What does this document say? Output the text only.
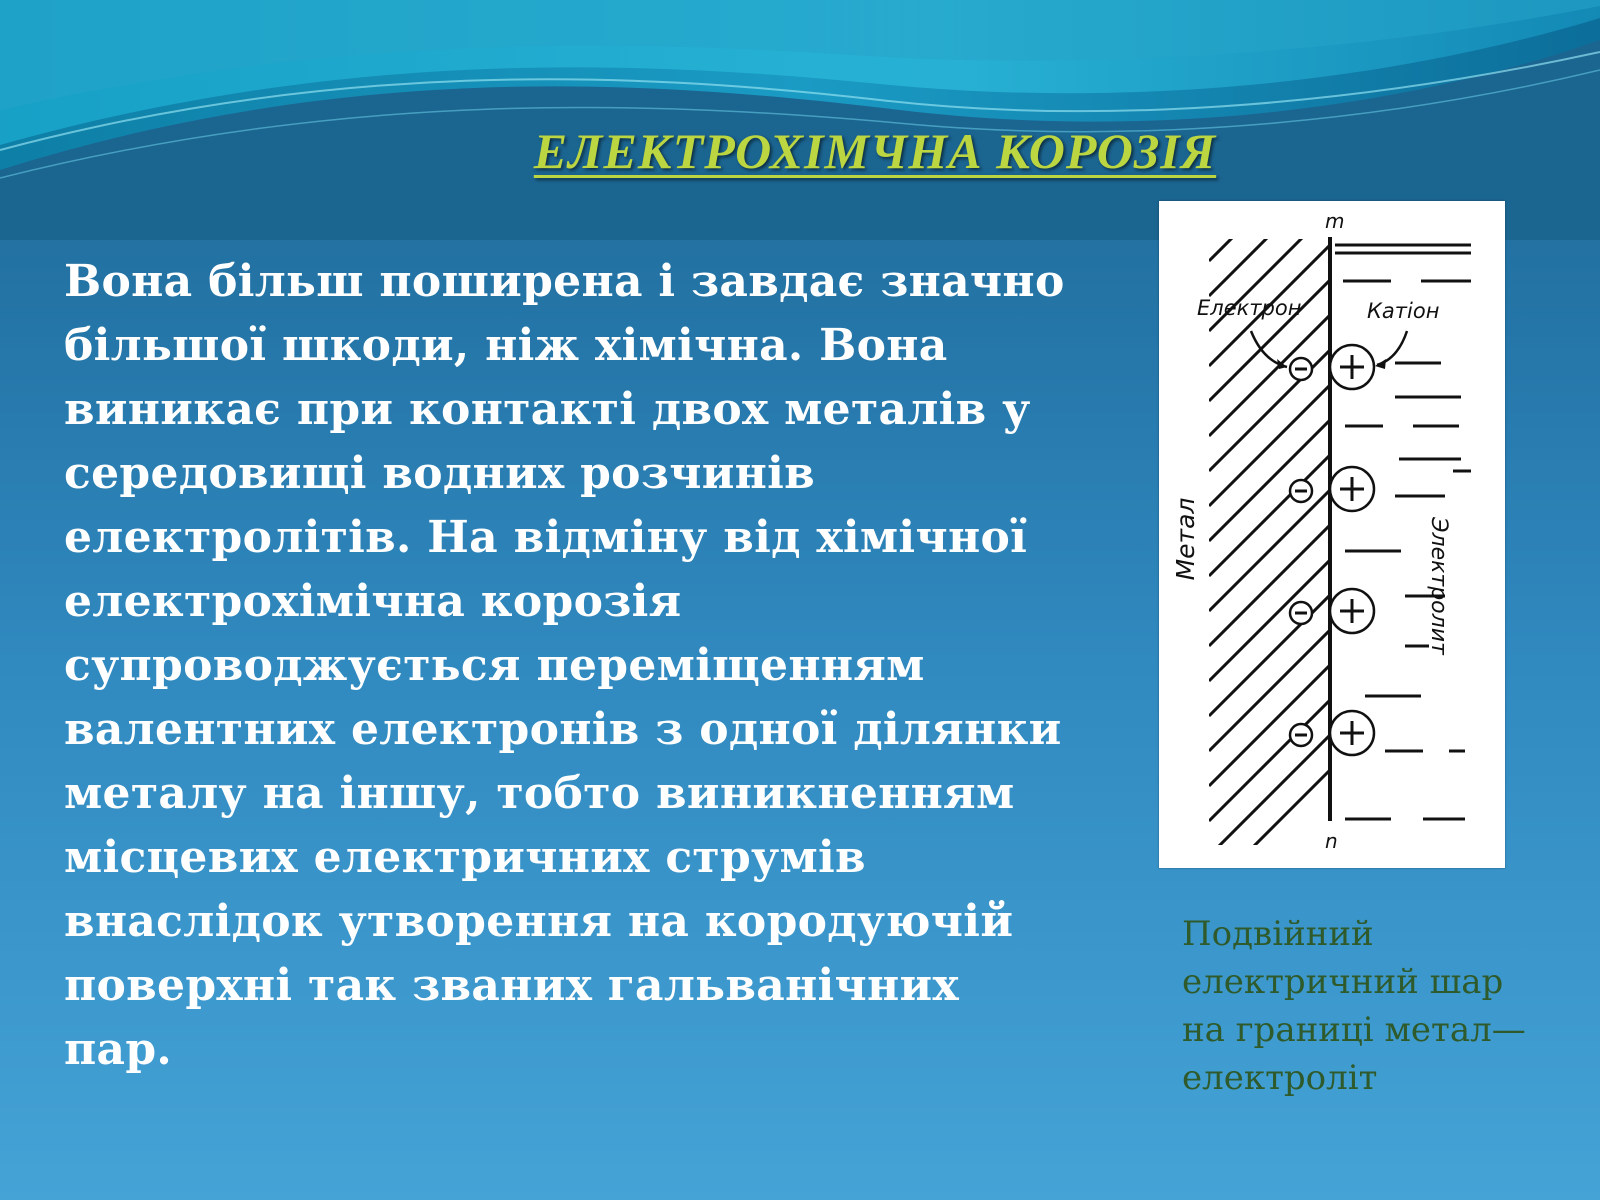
ЕЛЕКТРОХІМЧНА КОРОЗІЯ

Вона більш поширена і завдає значно більшої шкоди, ніж хімічна. Вона виникає при контакті двох металів у середовищі водних розчинів електролітів. На відміну від хімічної електрохімічна корозія супроводжується переміщенням валентних електронів з одної ділянки металу на іншу, тобто виникненням місцевих електричних струмів внаслідок утворення на кородуючій поверхні так званих гальванічних пар.

m
n
Електрон	Катіон
Метал	Электролит

Подвійний електричний шар на границі метал—електроліт
